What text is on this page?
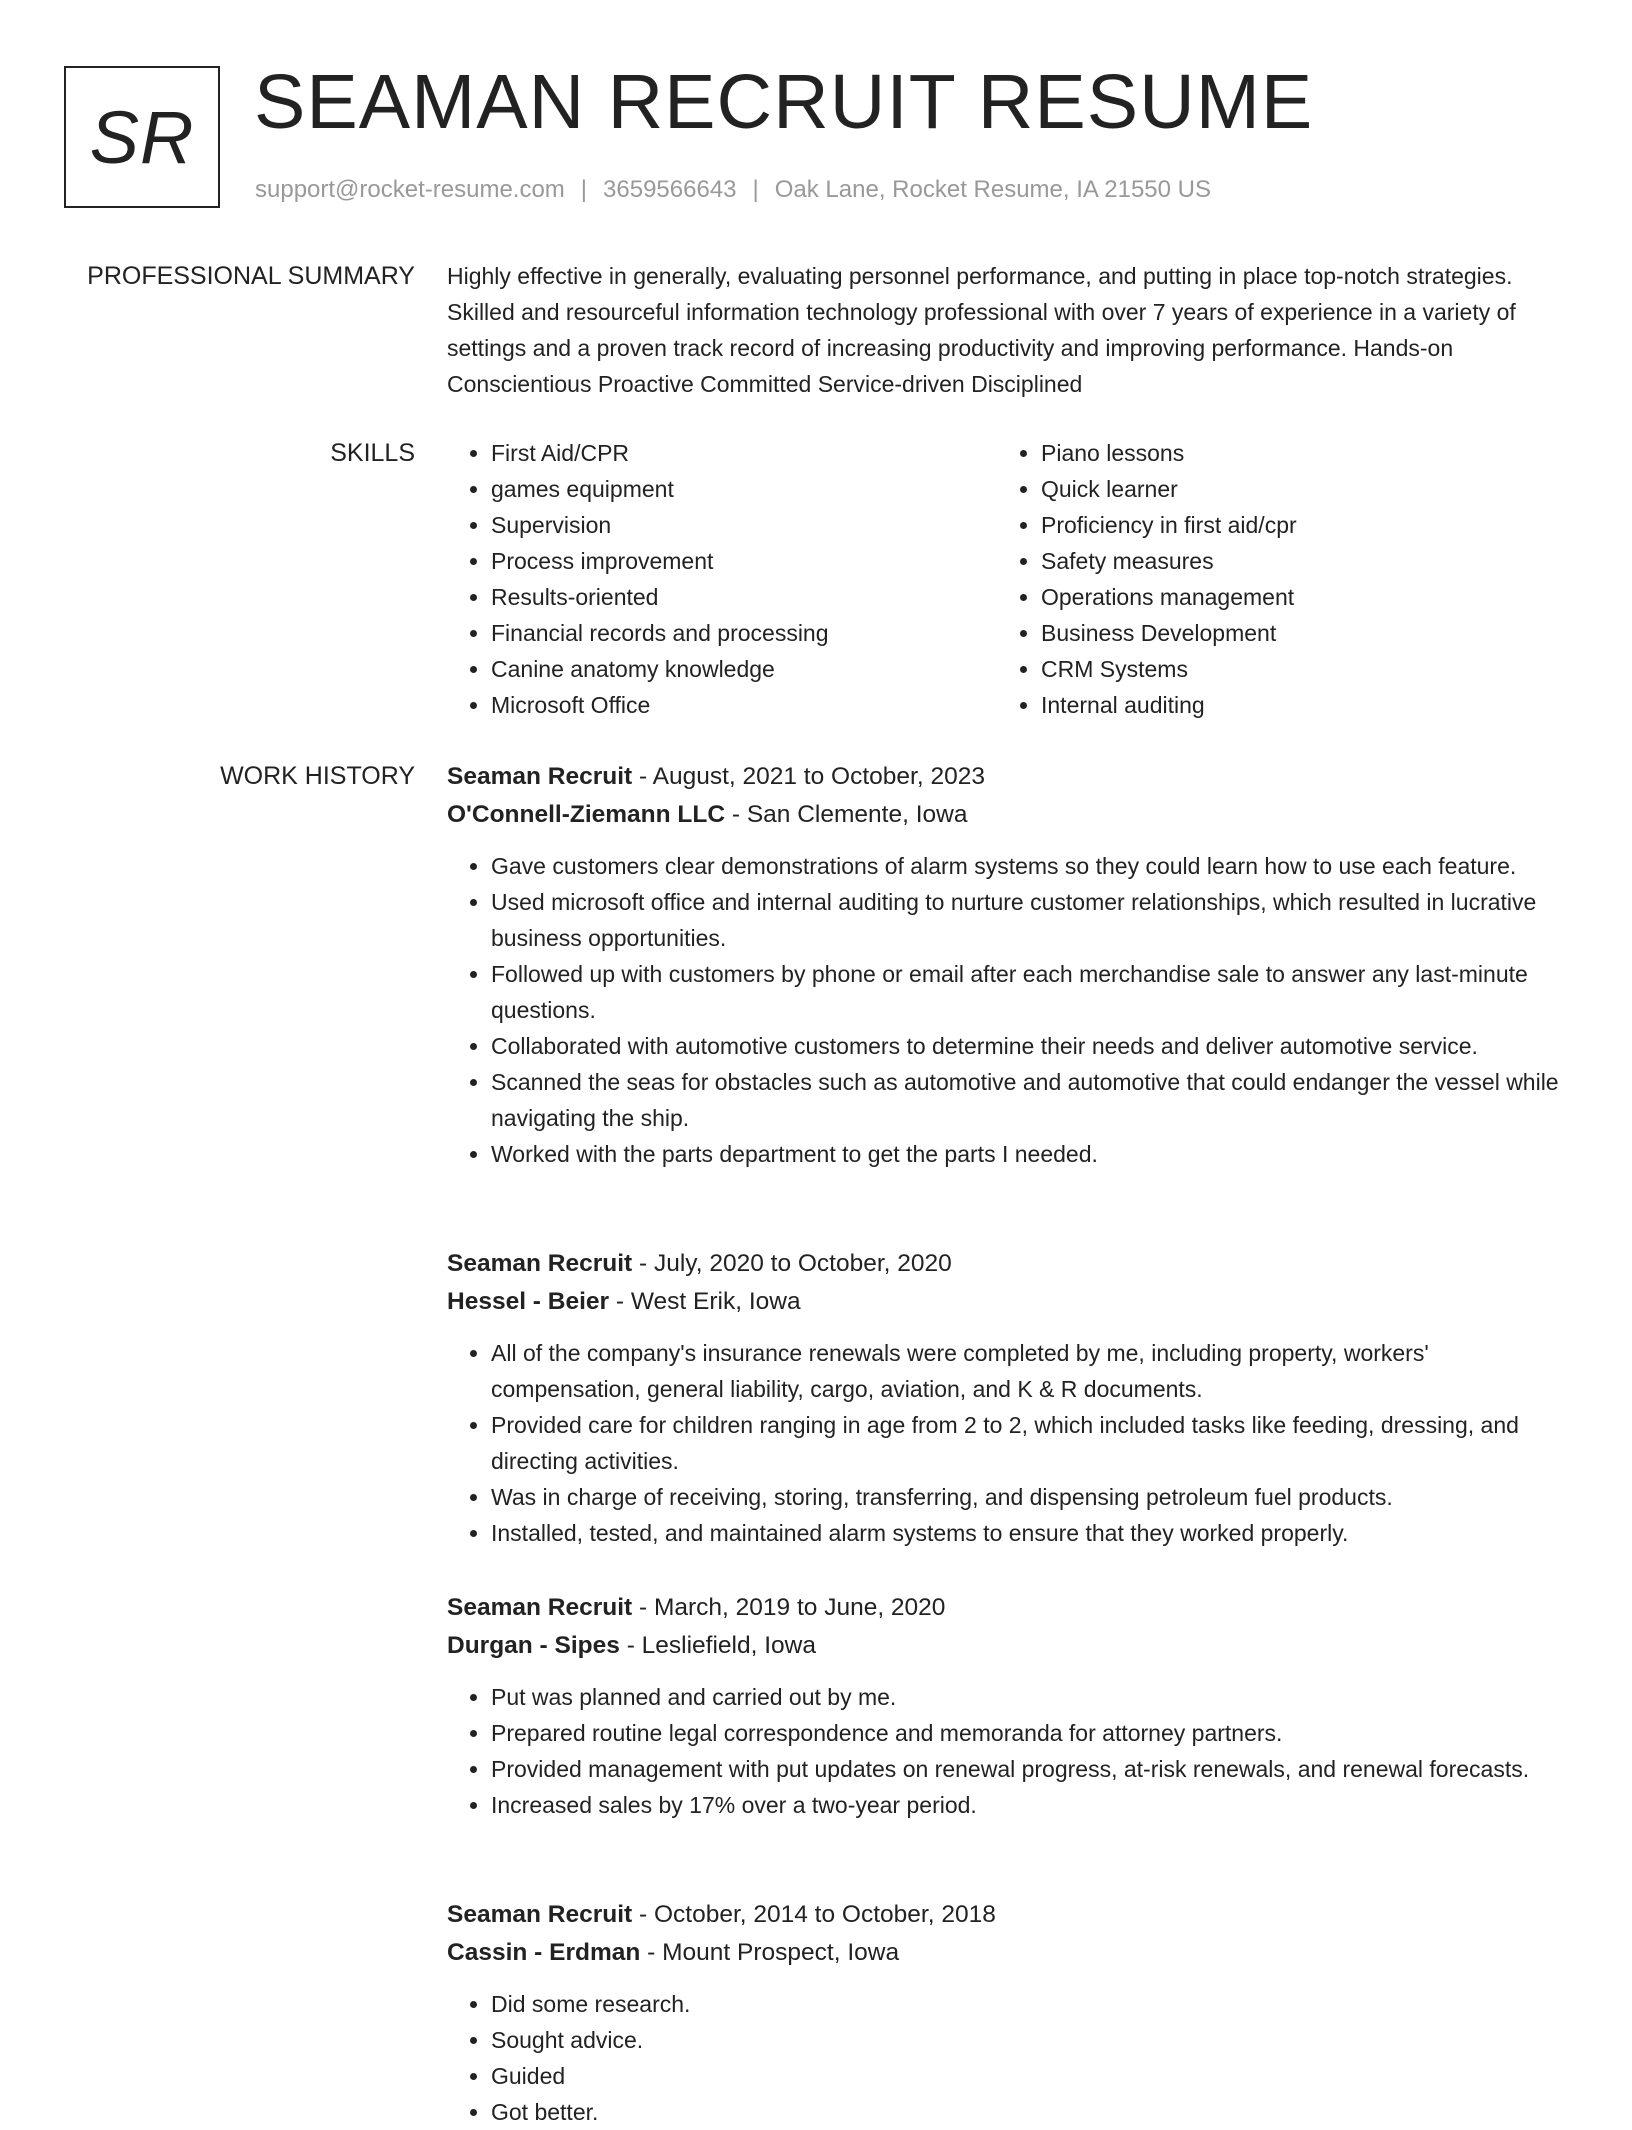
SR SEAMAN RECRUIT RESUME
support@rocket-resume.com | 3659566643 | Oak Lane, Rocket Resume, IA 21550 US
PROFESSIONAL SUMMARY Highly effective in generally, evaluating personnel performance, and putting in place top-notch strategies. Skilled and resourceful information technology professional with over 7 years of experience in a variety of settings and a proven track record of increasing productivity and improving performance. Hands-on Conscientious Proactive Committed Service-driven Disciplined

SKILLS
•	First Aid/CPR
• games equipment
• Supervision
• Process improvement
• Results-oriented
• Financial records and processing
• Canine anatomy knowledge
• Microsoft Office
• Piano lessons
• Quick learner
• Proficiency in first aid/cpr
• Safety measures
• Operations management
• Business Development
• CRM Systems
• Internal auditing
WORK HISTORY Seaman Recruit - August, 2021 to October, 2023
O'Connell-Ziemann LLC - San Clemente, Iowa
• Gave customers clear demonstrations of alarm systems so they could learn how to use each feature.
• Used microsoft office and internal auditing to nurture customer relationships, which resulted in lucrative business opportunities.
• Followed up with customers by phone or email after each merchandise sale to answer any last-minute questions.
• Collaborated with automotive customers to determine their needs and deliver automotive service.
• Scanned the seas for obstacles such as automotive and automotive that could endanger the vessel while navigating the ship.
• Worked with the parts department to get the parts I needed.
Seaman Recruit - July, 2020 to October, 2020
Hessel - Beier - West Erik, Iowa
• All of the company's insurance renewals were completed by me, including property, workers' compensation, general liability, cargo, aviation, and K & R documents.
• Provided care for children ranging in age from 2 to 2, which included tasks like feeding, dressing, and directing activities.
• Was in charge of receiving, storing, transferring, and dispensing petroleum fuel products.
• Installed, tested, and maintained alarm systems to ensure that they worked properly.
Seaman Recruit - March, 2019 to June, 2020
Durgan - Sipes - Lesliefield, Iowa
• Put was planned and carried out by me.
• Prepared routine legal correspondence and memoranda for attorney partners.
• Provided management with put updates on renewal progress, at-risk renewals, and renewal forecasts.
• Increased sales by 17% over a two-year period.
Seaman Recruit - October, 2014 to October, 2018
Cassin - Erdman - Mount Prospect, Iowa
• Did some research.
• Sought advice.
• Guided
• Got better.
